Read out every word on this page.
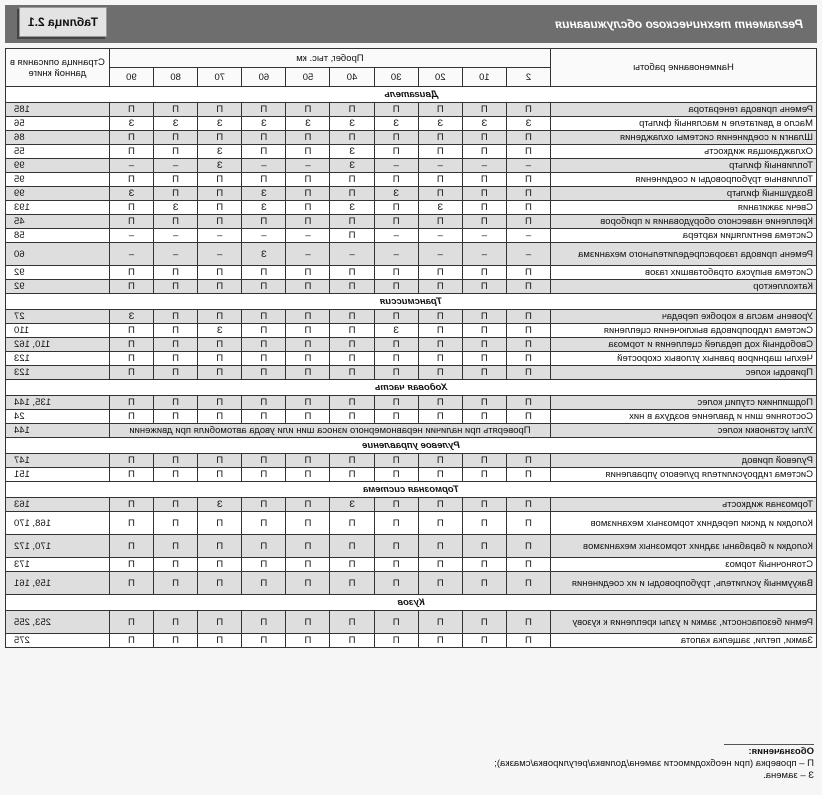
Регламент технического обслуживания
Таблица 2.1
Наименование работы	Пробег, тыс. км										Страница описания в данной книге
	2	10	20	30	40	50	60	70	80	90	
Двигатель											
Ремень привода генератора	П	П	П	П	П	П	П	П	П	П	185
Масло в двигателе и масляный фильтр	З	З	З	З	З	З	З	З	З	З	56
Шланги и соединения системы охлаждения	П	П	П	П	П	П	П	П	П	П	86
Охлаждающая жидкость	П	П	П	П	З	П	П	З	П	П	55
Топливный фильтр	–	–	–	–	З	–	–	З	–	–	99
Топливные трубопроводы и соединения	П	П	П	П	П	П	П	П	П	П	95
Воздушный фильтр	П	П	П	З	П	П	З	П	П	З	99
Свечи зажигания	П	П	З	П	З	П	З	П	З	П	193
Крепление навесного оборудования и приборов	П	П	П	П	П	П	П	П	П	П	45
Система вентиляции картера	–	–	–	–	П	–	–	–	–	–	58
Ремень привода газораспределительного механизма	–	–	–	–	–	–	З	–	–	–	60
Система выпуска отработавших газов	П	П	П	П	П	П	П	П	П	П	92
Катколлектор	П	П	П	П	П	П	П	П	П	П	92
Трансмиссия											
Уровень масла в коробке передач	П	П	П	П	П	П	П	П	П	З	27
Система гидропривода выключения сцепления	П	П	П	З	П	П	П	З	П	П	110
Свободный ход педалей сцепления и тормоза	П	П	П	П	П	П	П	П	П	П	110, 162
Чехлы шарниров равных угловых скоростей	П	П	П	П	П	П	П	П	П	П	123
Приводы колес	П	П	П	П	П	П	П	П	П	П	123
Ходовая часть											
Подшипники ступиц колес	П	П	П	П	П	П	П	П	П	П	135, 144
Состояние шин и давление воздуха в них	П	П	П	П	П	П	П	П	П	П	24
Углы установки колес	Проверять при наличии неравномерного износа шин или увода автомобиля при движении										144
Рулевое управление											
Рулевой привод	П	П	П	П	П	П	П	П	П	П	147
Система гидроусилителя рулевого управления	П	П	П	П	П	П	П	П	П	П	151
Тормозная система											
Тормозная жидкость	П	П	П	П	З	П	П	З	П	П	163
Колодки и диски передних тормозных механизмов	П	П	П	П	П	П	П	П	П	П	168, 170
Колодки и барабаны задних тормозных механизмов	П	П	П	П	П	П	П	П	П	П	170, 172
Стояночный тормоз	П	П	П	П	П	П	П	П	П	П	173
Вакуумный усилитель, трубопроводы и их соединения	П	П	П	П	П	П	П	П	П	П	159, 161
Кузов											
Ремни безопасности, замки и узлы крепления к кузову	П	П	П	П	П	П	П	П	П	П	253, 255
Замки, петли, защелка капота	П	П	П	П	П	П	П	П	П	П	275
Обозначения:
П – проверка (при необходимости замена/доливка/регулировка/смазка);
З – замена.
